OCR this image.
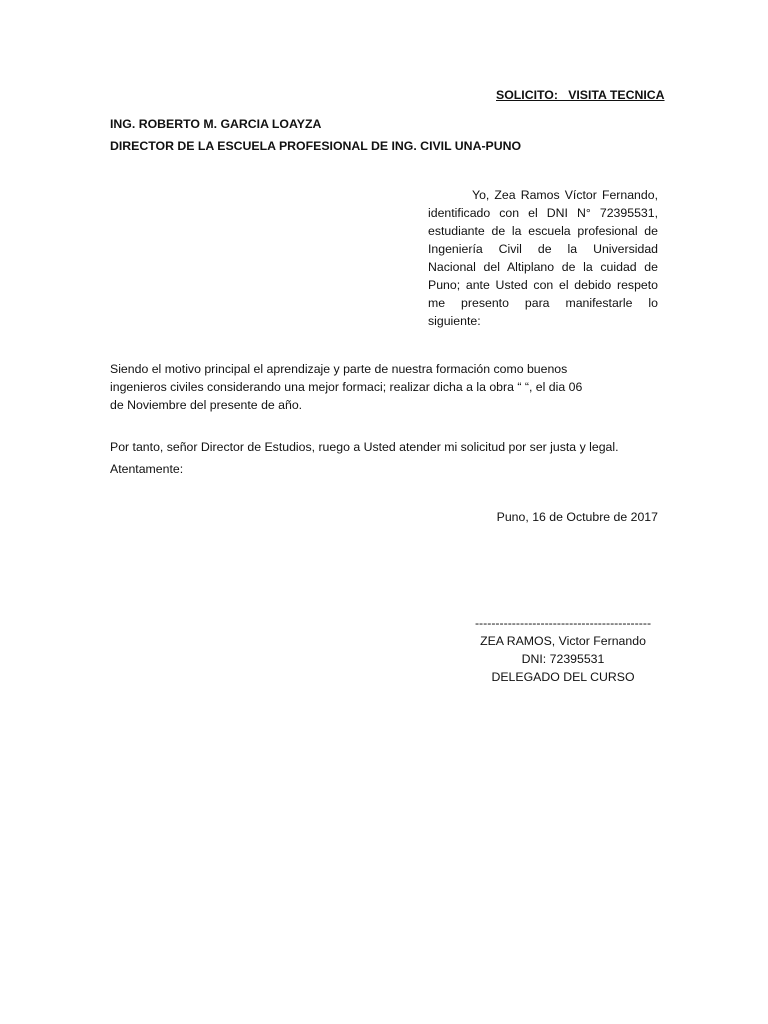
SOLICITO:   VISITA TECNICA
ING. ROBERTO M. GARCIA LOAYZA
DIRECTOR DE LA ESCUELA PROFESIONAL DE ING. CIVIL UNA-PUNO
Yo, Zea Ramos Víctor Fernando, identificado con el DNI N° 72395531, estudiante de la escuela profesional de Ingeniería Civil de la Universidad Nacional del Altiplano de la cuidad de Puno; ante Usted con el debido respeto me presento para manifestarle lo siguiente:
Siendo el motivo principal el aprendizaje y parte de nuestra formación como buenos
ingenieros civiles considerando una mejor formaci; realizar dicha a la obra “ “, el dia 06
de Noviembre del presente de año.
Por tanto, señor Director de Estudios, ruego a Usted atender mi solicitud por ser justa y legal.
Atentamente:
Puno, 16 de Octubre de 2017
-------------------------------------------
ZEA RAMOS, Victor Fernando
DNI: 72395531
DELEGADO DEL CURSO
